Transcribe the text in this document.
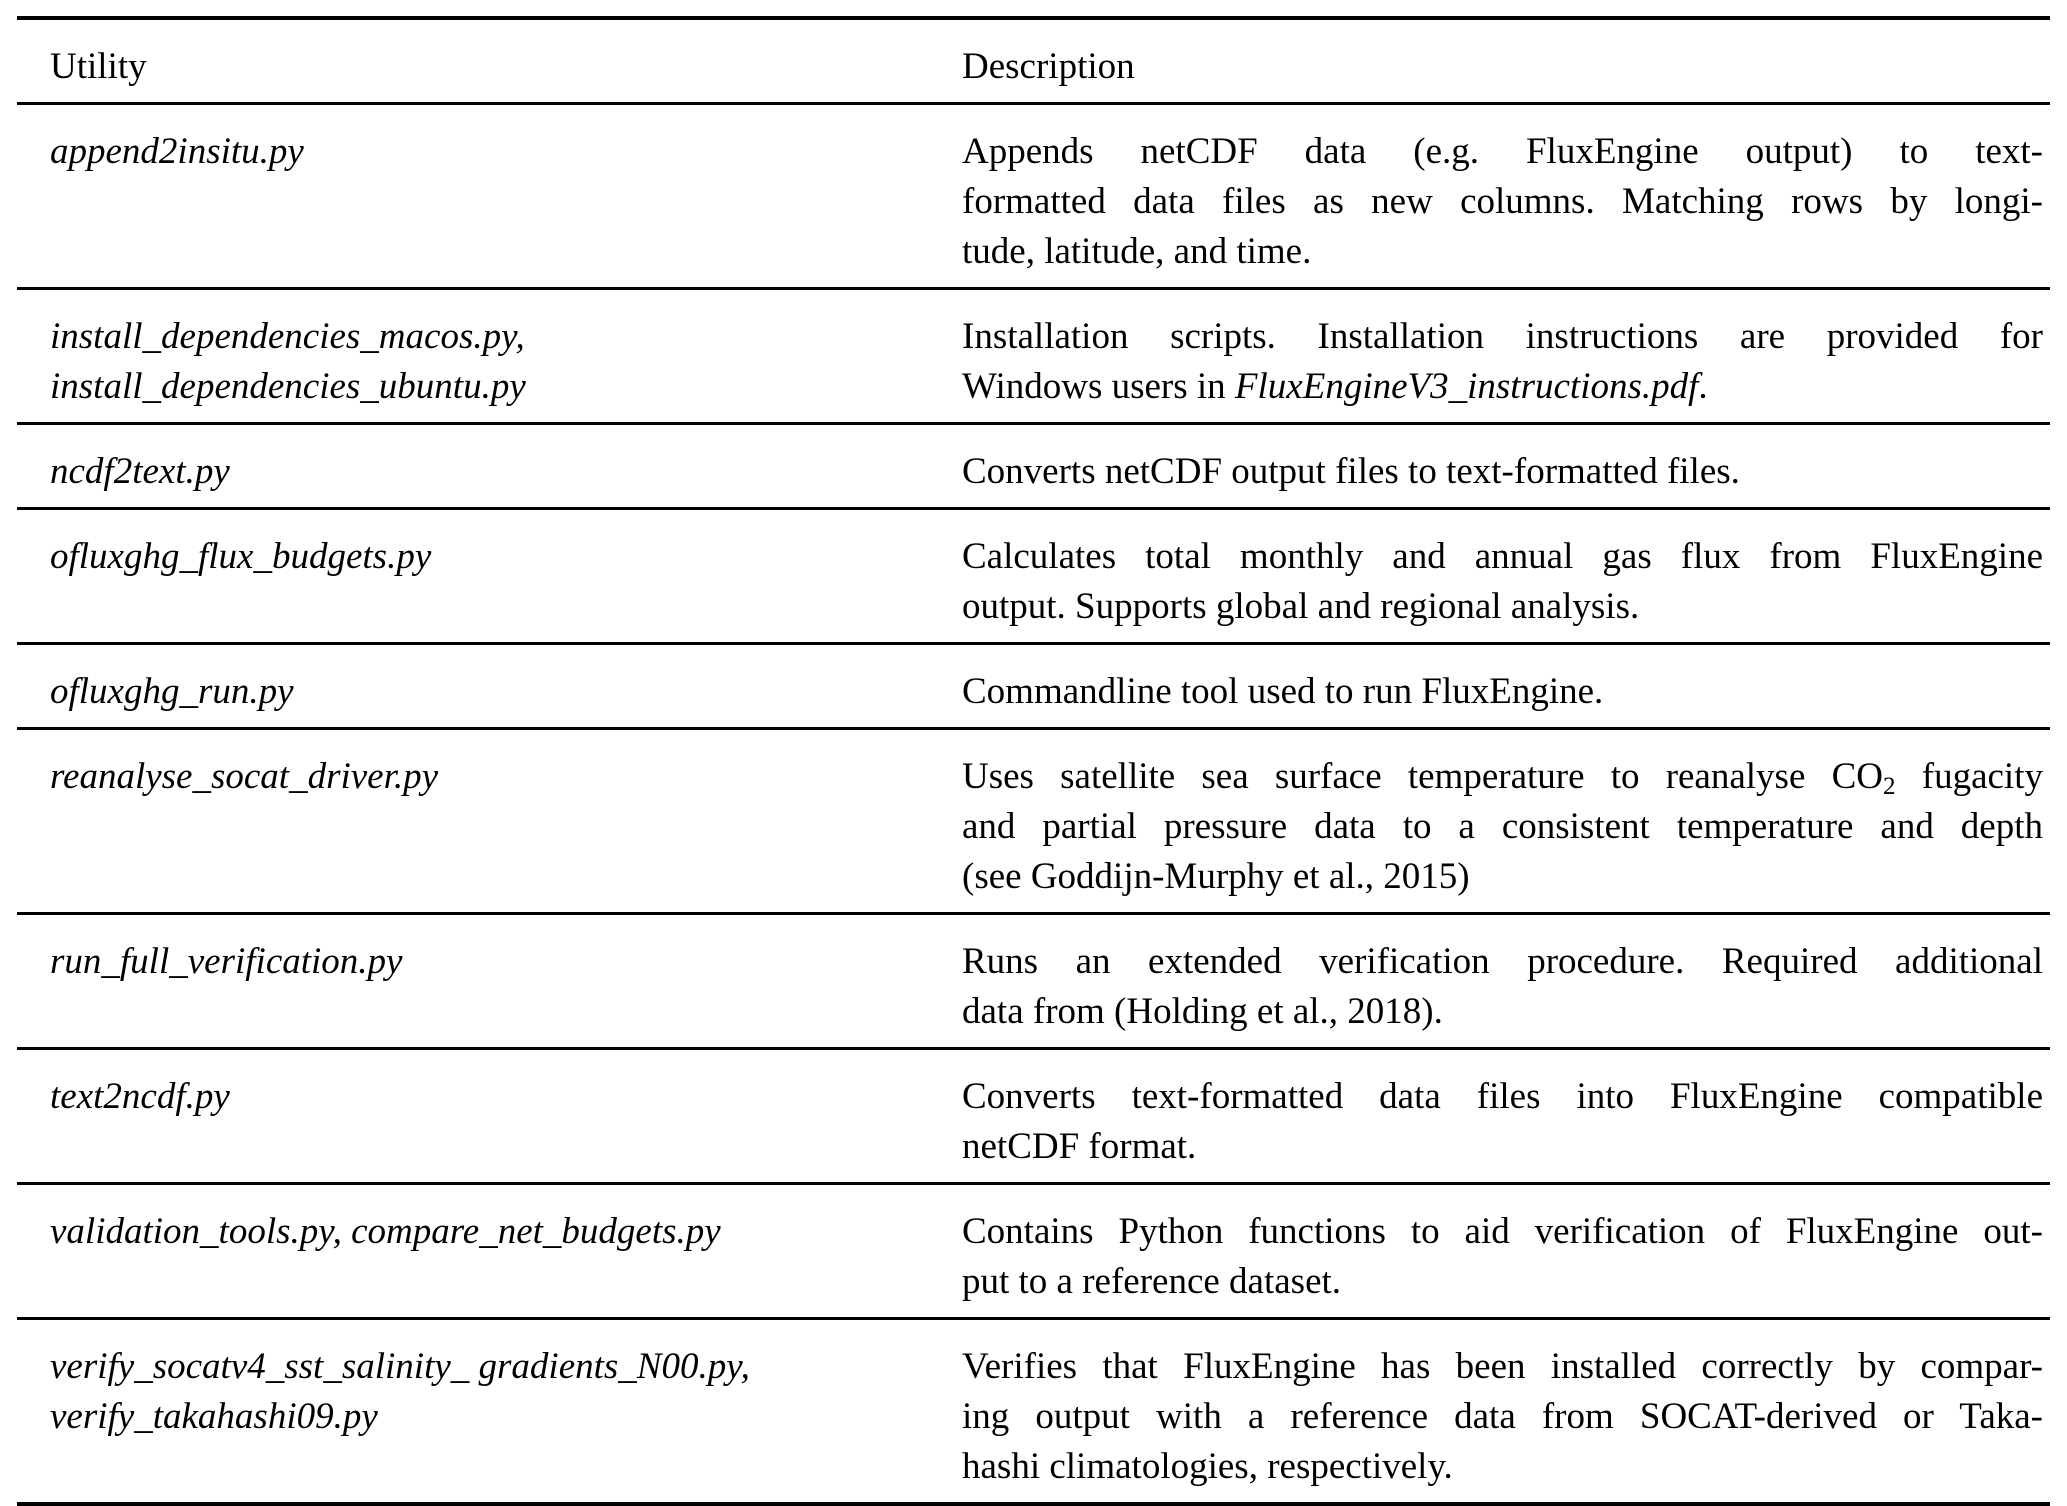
Utility	Description

append2insitu.py	Appends netCDF data (e.g. FluxEngine output) to text-
formatted data files as new columns. Matching rows by longi-
tude, latitude, and time.

install_dependencies_macos.py,
install_dependencies_ubuntu.py	Installation scripts. Installation instructions are provided for
Windows users in FluxEngineV3_instructions.pdf.

ncdf2text.py	Converts netCDF output files to text-formatted files.

ofluxghg_flux_budgets.py	Calculates total monthly and annual gas flux from FluxEngine
output. Supports global and regional analysis.

ofluxghg_run.py	Commandline tool used to run FluxEngine.

reanalyse_socat_driver.py	Uses satellite sea surface temperature to reanalyse CO2 fugacity
and partial pressure data to a consistent temperature and depth
(see Goddijn-Murphy et al., 2015)

run_full_verification.py	Runs an extended verification procedure. Required additional
data from (Holding et al., 2018).

text2ncdf.py	Converts text-formatted data files into FluxEngine compatible
netCDF format.

validation_tools.py, compare_net_budgets.py	Contains Python functions to aid verification of FluxEngine out-
put to a reference dataset.

verify_socatv4_sst_salinity_ gradients_N00.py,
verify_takahashi09.py	Verifies that FluxEngine has been installed correctly by compar-
ing output with a reference data from SOCAT-derived or Taka-
hashi climatologies, respectively.
